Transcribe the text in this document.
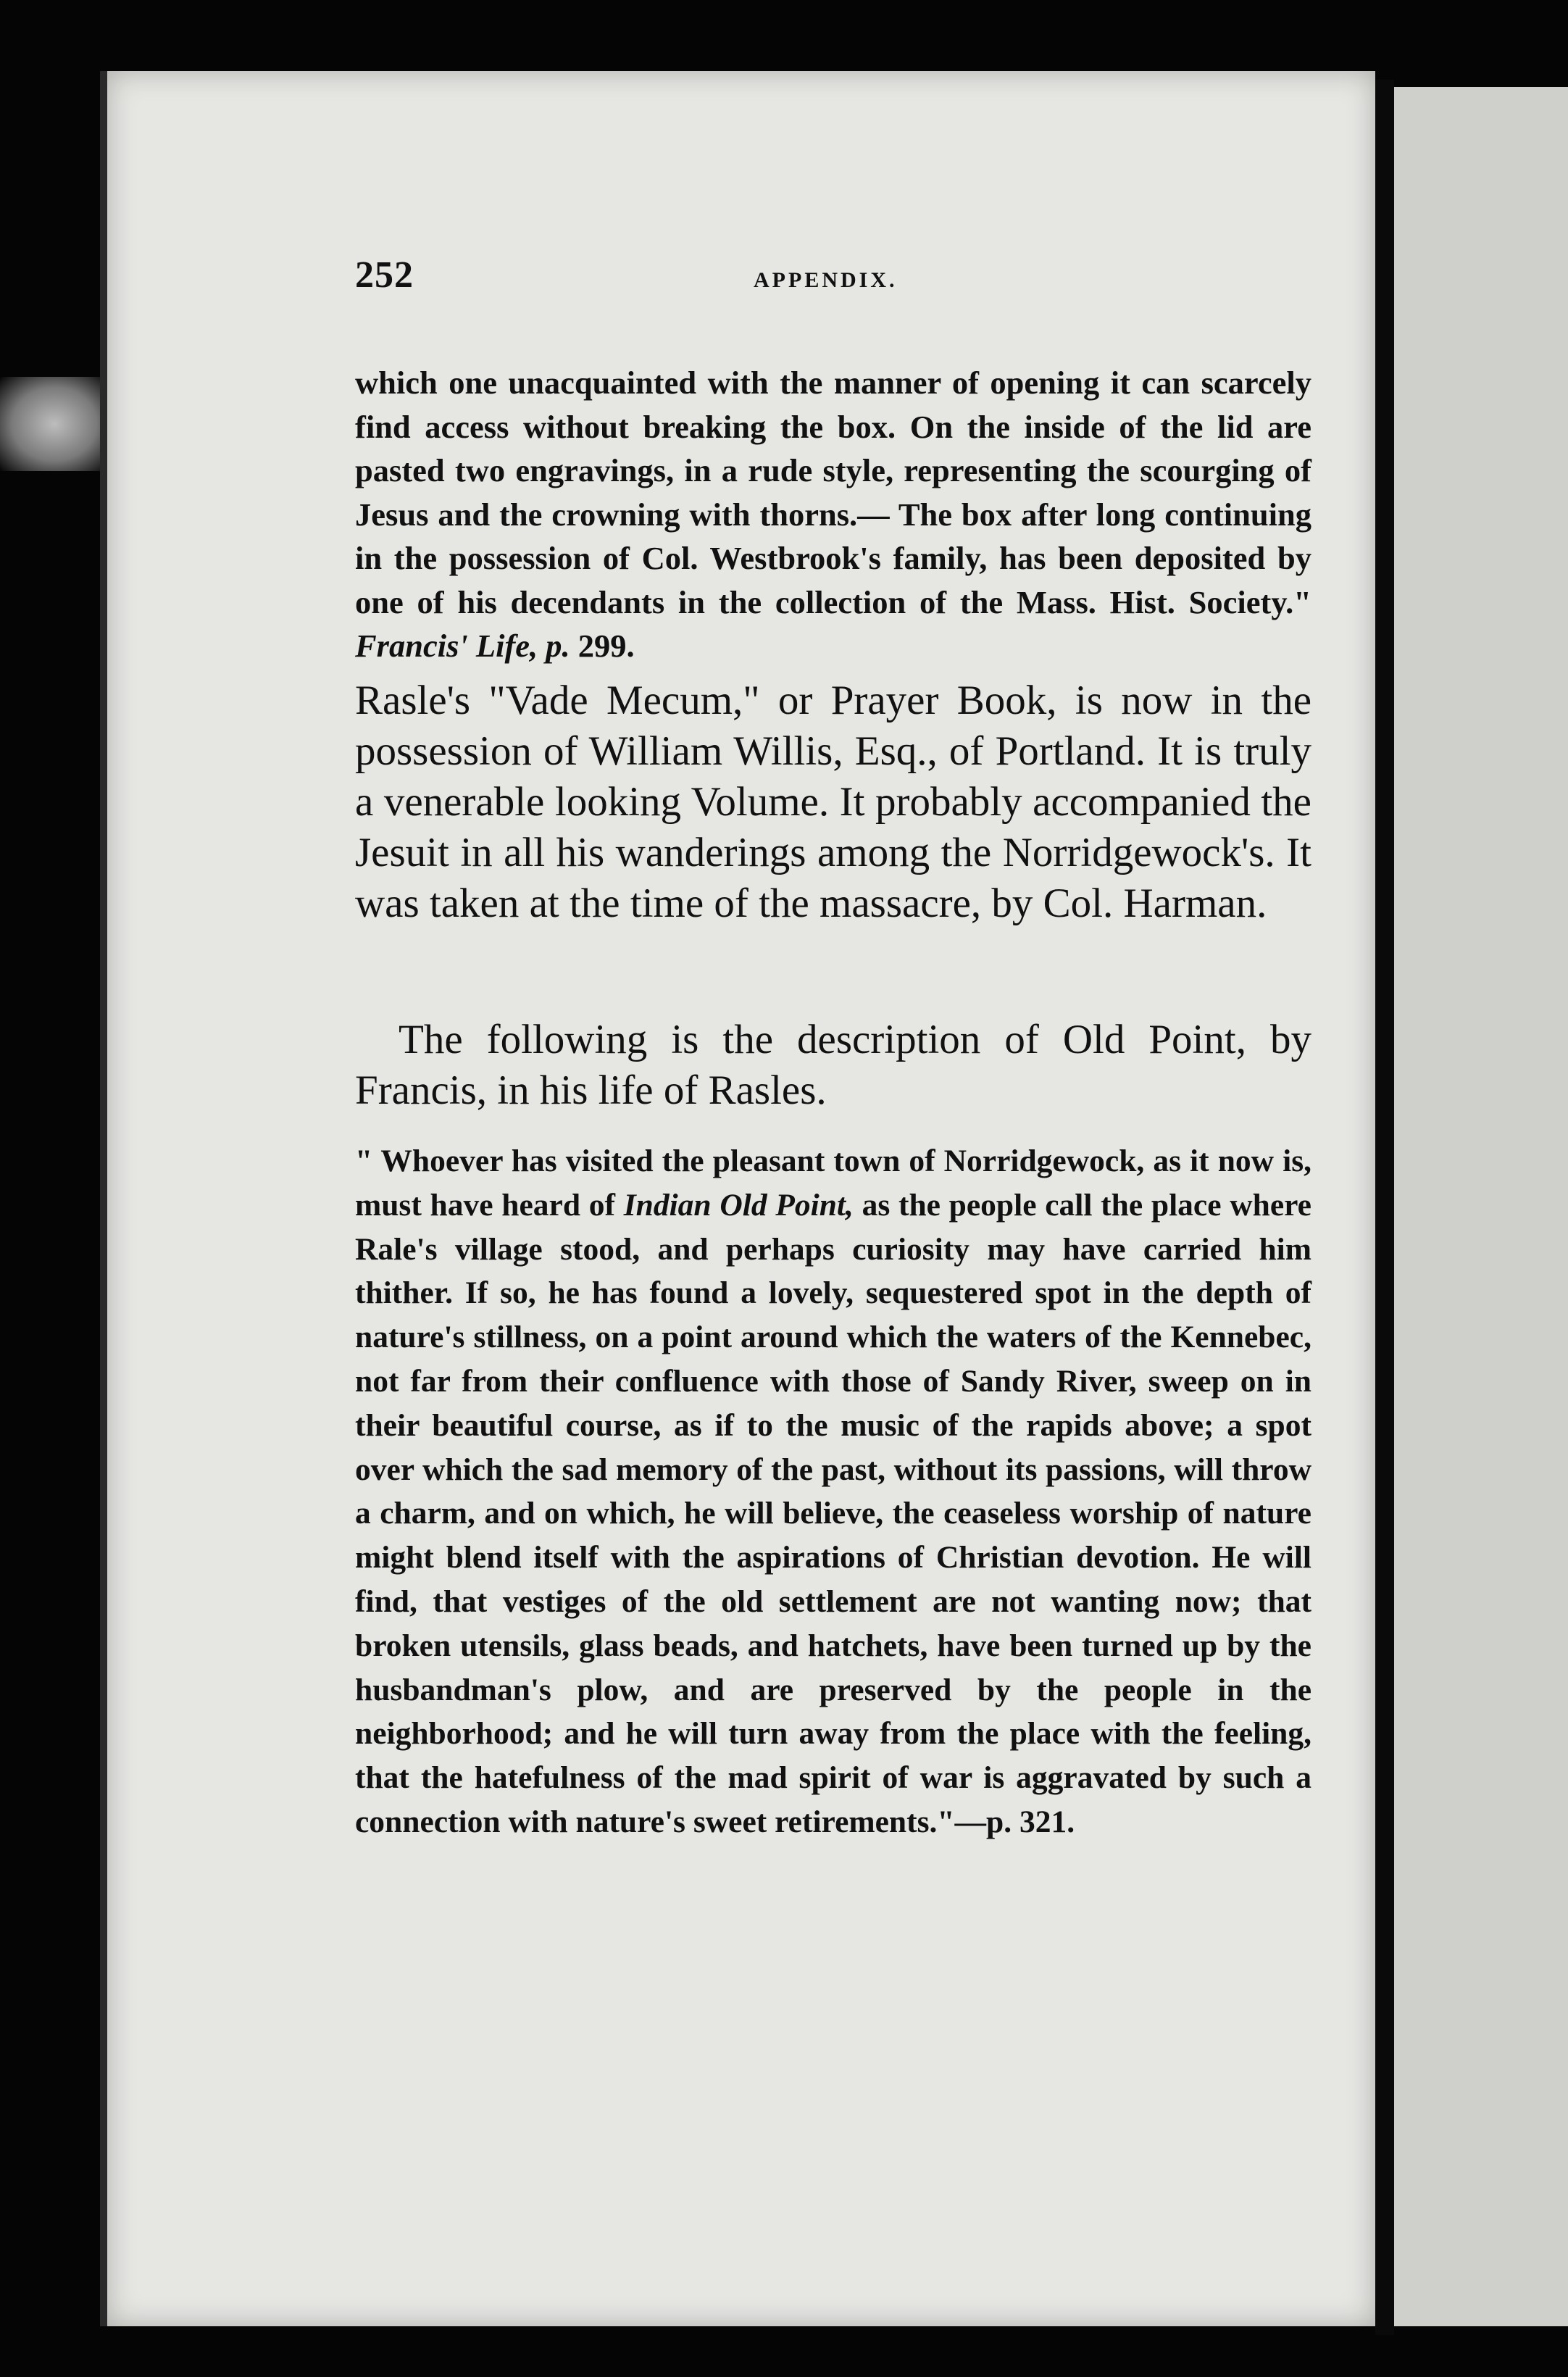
252	APPENDIX.

which one unacquainted with the manner of opening it can scarcely find access without breaking the box. On the inside of the lid are pasted two engravings, in a rude style, representing the scourging of Jesus and the crowning with thorns.— The box after long continuing in the possession of Col. Westbrook's family, has been deposited by one of his decendants in the collection of the Mass. Hist. Society." Francis' Life, p. 299.

Rasle's "Vade Mecum," or Prayer Book, is now in the possession of William Willis, Esq., of Portland. It is truly a venerable looking Volume. It probably accompanied the Jesuit in all his wanderings among the Norridgewock's. It was taken at the time of the massacre, by Col. Harman.

The following is the description of Old Point, by Francis, in his life of Rasles.

" Whoever has visited the pleasant town of Norridgewock, as it now is, must have heard of Indian Old Point, as the people call the place where Rale's village stood, and perhaps curiosity may have carried him thither. If so, he has found a lovely, sequestered spot in the depth of nature's stillness, on a point around which the waters of the Kennebec, not far from their confluence with those of Sandy River, sweep on in their beautiful course, as if to the music of the rapids above; a spot over which the sad memory of the past, without its passions, will throw a charm, and on which, he will believe, the ceaseless worship of nature might blend itself with the aspirations of Christian devotion. He will find, that vestiges of the old settlement are not wanting now; that broken utensils, glass beads, and hatchets, have been turned up by the husbandman's plow, and are preserved by the people in the neighborhood; and he will turn away from the place with the feeling, that the hatefulness of the mad spirit of war is aggravated by such a connection with nature's sweet retirements."—p. 321.
